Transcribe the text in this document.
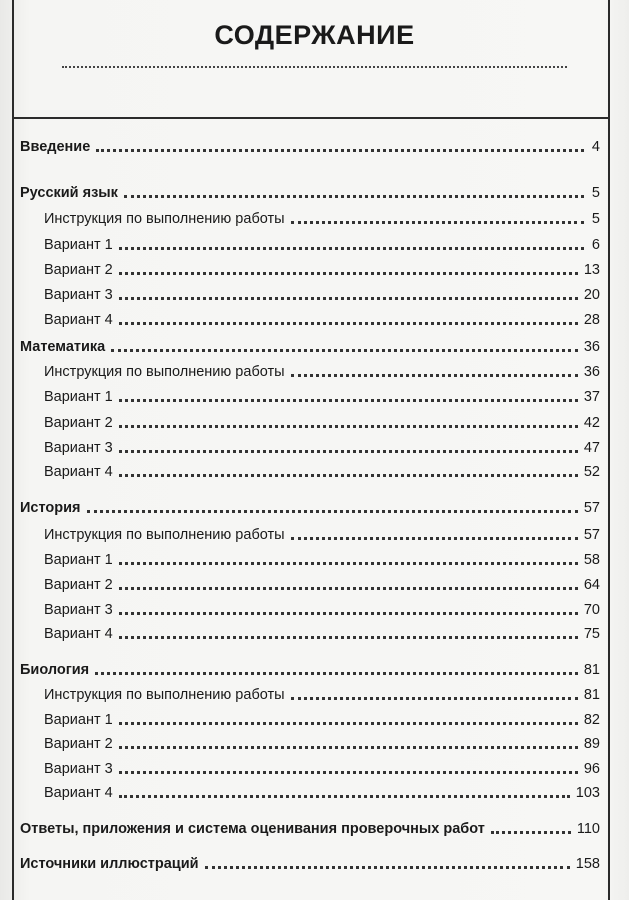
СОДЕРЖАНИЕ
Введение	4
Русский язык	5
Инструкция по выполнению работы	5
Вариант 1	6
Вариант 2	13
Вариант 3	20
Вариант 4	28
Математика	36
Инструкция по выполнению работы	36
Вариант 1	37
Вариант 2	42
Вариант 3	47
Вариант 4	52
История	57
Инструкция по выполнению работы	57
Вариант 1	58
Вариант 2	64
Вариант 3	70
Вариант 4	75
Биология	81
Инструкция по выполнению работы	81
Вариант 1	82
Вариант 2	89
Вариант 3	96
Вариант 4	103
Ответы, приложения и система оценивания проверочных работ	110
Источники иллюстраций	158
